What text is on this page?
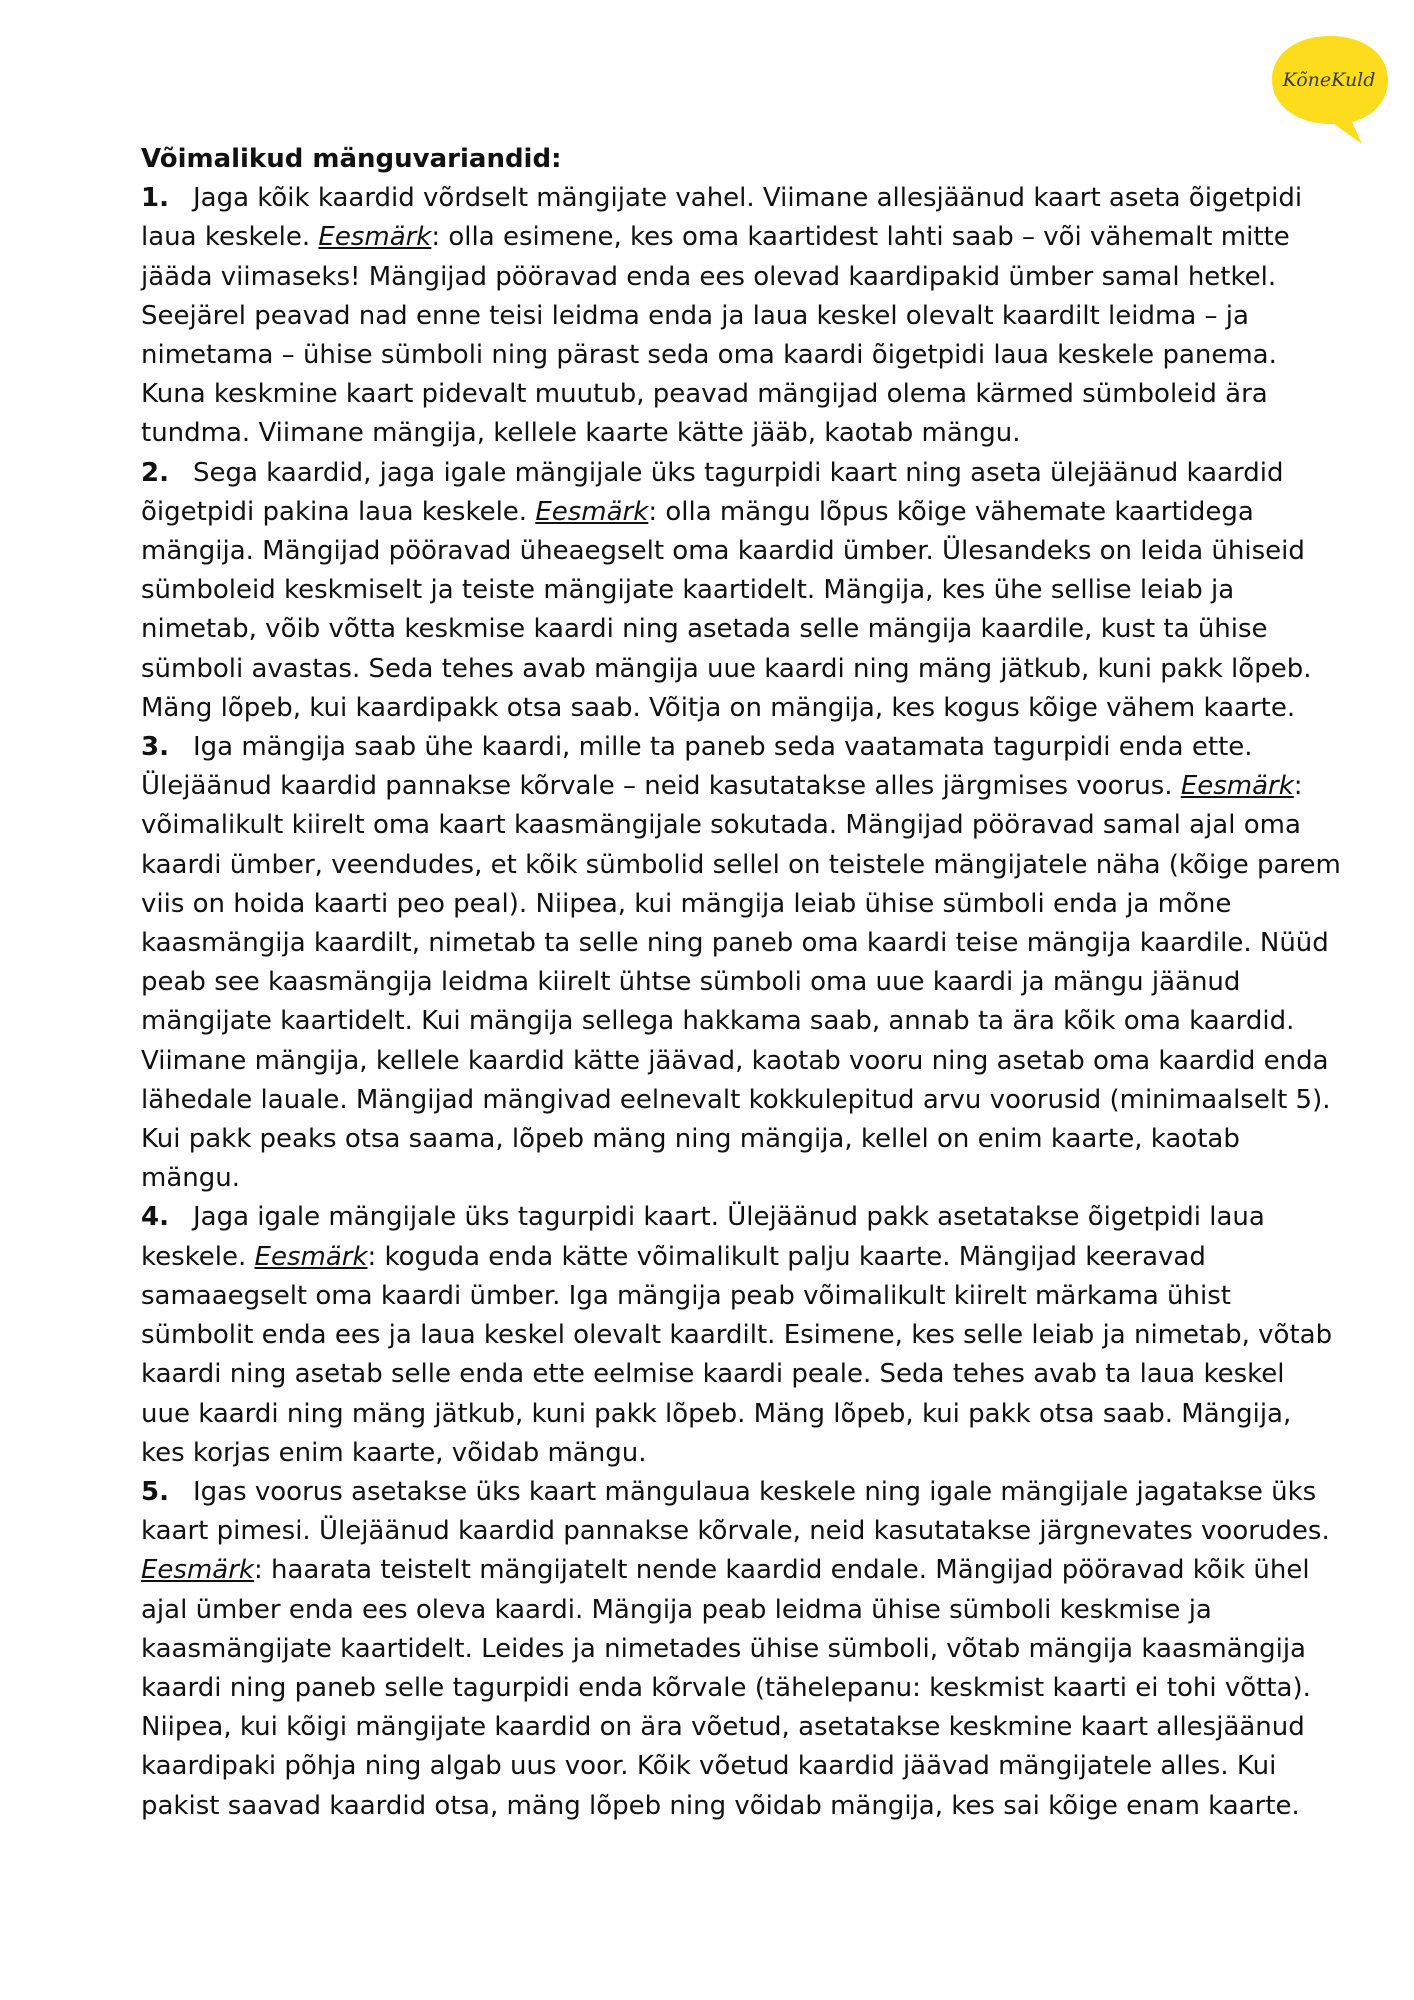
KõneKuld

Võimalikud mänguvariandid:

1. Jaga kõik kaardid võrdselt mängijate vahel. Viimane allesjäänud kaart aseta õigetpidi laua keskele. Eesmärk: olla esimene, kes oma kaartidest lahti saab – või vähemalt mitte jääda viimaseks! Mängijad pööravad enda ees olevad kaardipakid ümber samal hetkel. Seejärel peavad nad enne teisi leidma enda ja laua keskel olevalt kaardilt leidma – ja nimetama – ühise sümboli ning pärast seda oma kaardi õigetpidi laua keskele panema. Kuna keskmine kaart pidevalt muutub, peavad mängijad olema kärmed sümboleid ära tundma. Viimane mängija, kellele kaarte kätte jääb, kaotab mängu.

2. Sega kaardid, jaga igale mängijale üks tagurpidi kaart ning aseta ülejäänud kaardid õigetpidi pakina laua keskele. Eesmärk: olla mängu lõpus kõige vähemate kaartidega mängija. Mängijad pööravad üheaegselt oma kaardid ümber. Ülesandeks on leida ühiseid sümboleid keskmiselt ja teiste mängijate kaartidelt. Mängija, kes ühe sellise leiab ja nimetab, võib võtta keskmise kaardi ning asetada selle mängija kaardile, kust ta ühise sümboli avastas. Seda tehes avab mängija uue kaardi ning mäng jätkub, kuni pakk lõpeb. Mäng lõpeb, kui kaardipakk otsa saab. Võitja on mängija, kes kogus kõige vähem kaarte.

3. Iga mängija saab ühe kaardi, mille ta paneb seda vaatamata tagurpidi enda ette. Ülejäänud kaardid pannakse kõrvale – neid kasutatakse alles järgmises voorus. Eesmärk: võimalikult kiirelt oma kaart kaasmängijale sokutada. Mängijad pööravad samal ajal oma kaardi ümber, veendudes, et kõik sümbolid sellel on teistele mängijatele näha (kõige parem viis on hoida kaarti peo peal). Niipea, kui mängija leiab ühise sümboli enda ja mõne kaasmängija kaardilt, nimetab ta selle ning paneb oma kaardi teise mängija kaardile. Nüüd peab see kaasmängija leidma kiirelt ühtse sümboli oma uue kaardi ja mängu jäänud mängijate kaartidelt. Kui mängija sellega hakkama saab, annab ta ära kõik oma kaardid. Viimane mängija, kellele kaardid kätte jäävad, kaotab vooru ning asetab oma kaardid enda lähedale lauale. Mängijad mängivad eelnevalt kokkulepitud arvu voorusid (minimaalselt 5). Kui pakk peaks otsa saama, lõpeb mäng ning mängija, kellel on enim kaarte, kaotab mängu.

4. Jaga igale mängijale üks tagurpidi kaart. Ülejäänud pakk asetatakse õigetpidi laua keskele. Eesmärk: koguda enda kätte võimalikult palju kaarte. Mängijad keeravad samaaegselt oma kaardi ümber. Iga mängija peab võimalikult kiirelt märkama ühist sümbolit enda ees ja laua keskel olevalt kaardilt. Esimene, kes selle leiab ja nimetab, võtab kaardi ning asetab selle enda ette eelmise kaardi peale. Seda tehes avab ta laua keskel uue kaardi ning mäng jätkub, kuni pakk lõpeb. Mäng lõpeb, kui pakk otsa saab. Mängija, kes korjas enim kaarte, võidab mängu.

5. Igas voorus asetakse üks kaart mängulaua keskele ning igale mängijale jagatakse üks kaart pimesi. Ülejäänud kaardid pannakse kõrvale, neid kasutatakse järgnevates voorudes. Eesmärk: haarata teistelt mängijatelt nende kaardid endale. Mängijad pööravad kõik ühel ajal ümber enda ees oleva kaardi. Mängija peab leidma ühise sümboli keskmise ja kaasmängijate kaartidelt. Leides ja nimetades ühise sümboli, võtab mängija kaasmängija kaardi ning paneb selle tagurpidi enda kõrvale (tähelepanu: keskmist kaarti ei tohi võtta). Niipea, kui kõigi mängijate kaardid on ära võetud, asetatakse keskmine kaart allesjäänud kaardipaki põhja ning algab uus voor. Kõik võetud kaardid jäävad mängijatele alles. Kui pakist saavad kaardid otsa, mäng lõpeb ning võidab mängija, kes sai kõige enam kaarte.
